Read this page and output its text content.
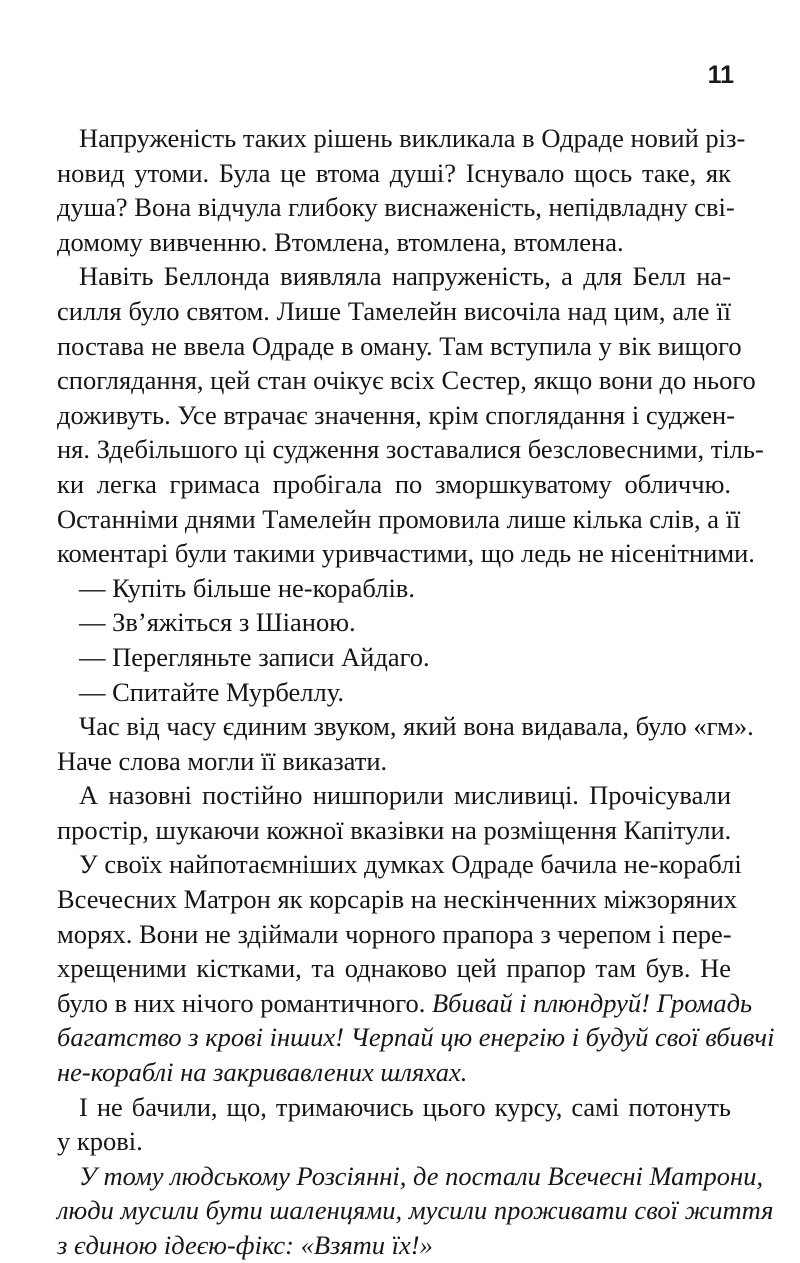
11
Напруженість таких рішень викликала в Одраде новий різ-
новид утоми. Була це втома душі? Існувало щось таке, як
душа? Вона відчула глибоку виснаженість, непідвладну сві-
домому вивченню. Втомлена, втомлена, втомлена.
Навіть Беллонда виявляла напруженість, а для Белл на-
силля було святом. Лише Тамелейн височіла над цим, але її
постава не ввела Одраде в оману. Там вступила у вік вищого
споглядання, цей стан очікує всіх Сестер, якщо вони до нього
доживуть. Усе втрачає значення, крім споглядання і суджен-
ня. Здебільшого ці судження зоставалися безсловесними, тіль-
ки легка гримаса пробігала по зморшкуватому обличчю.
Останніми днями Тамелейн промовила лише кілька слів, а її
коментарі були такими уривчастими, що ледь не нісенітними.
— Купіть більше не-кораблів.
— Зв’яжіться з Шіаною.
— Перегляньте записи Айдаго.
— Спитайте Мурбеллу.
Час від часу єдиним звуком, який вона видавала, було «гм».
Наче слова могли її виказати.
А назовні постійно нишпорили мисливиці. Прочісували
простір, шукаючи кожної вказівки на розміщення Капітули.
У своїх найпотаємніших думках Одраде бачила не-кораблі
Всечесних Матрон як корсарів на нескінченних міжзоряних
морях. Вони не здіймали чорного прапора з черепом і пере-
хрещеними кістками, та однаково цей прапор там був. Не
було в них нічого романтичного. Вбивай і плюндруй! Громадь
багатство з крові інших! Черпай цю енергію і будуй свої вбивчі
не-кораблі на закривавлених шляхах.
І не бачили, що, тримаючись цього курсу, самі потонуть
у крові.
У тому людському Розсіянні, де постали Всечесні Матрони,
люди мусили бути шаленцями, мусили проживати свої життя
з єдиною ідеєю-фікс: «Взяти їх!»
